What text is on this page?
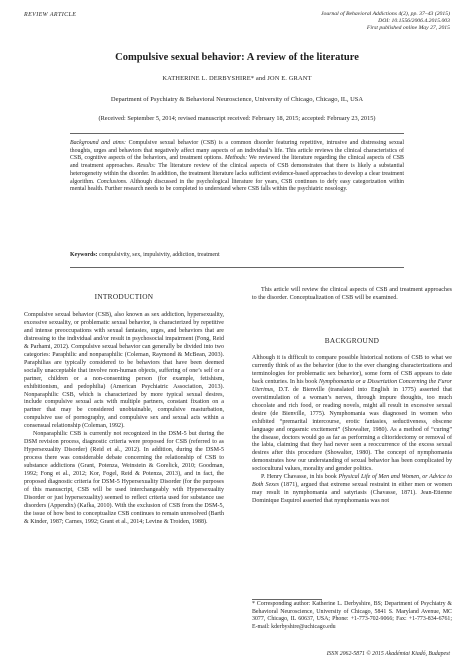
REVIEW ARTICLE	Journal of Behavioral Addictions 4(2), pp. 37–43 (2015)
DOI: 10.1556/2006.4.2015.003
First published online May 27, 2015
Compulsive sexual behavior: A review of the literature
KATHERINE L. DERBYSHIRE* and JON E. GRANT
Department of Psychiatry & Behavioral Neuroscience, University of Chicago, Chicago, IL, USA
(Received: September 5, 2014; revised manuscript received: February 18, 2015; accepted: February 23, 2015)
Background and aims: Compulsive sexual behavior (CSB) is a common disorder featuring repetitive, intrusive and distressing sexual thoughts, urges and behaviors that negatively affect many aspects of an individual’s life. This article reviews the clinical characteristics of CSB, cognitive aspects of the behaviors, and treatment options. Methods: We reviewed the literature regarding the clinical aspects of CSB and treatment approaches. Results: The literature review of the clinical aspects of CSB demonstrates that there is likely a substantial heterogeneity within the disorder. In addition, the treatment literature lacks sufficient evidence-based approaches to develop a clear treatment algorithm. Conclusions. Although discussed in the psychological literature for years, CSB continues to defy easy categorization within mental health. Further research needs to be completed to understand where CSB falls within the psychiatric nosology.
Keywords: compulsivity, sex, impulsivity, addiction, treatment
INTRODUCTION

Compulsive sexual behavior (CSB), also known as sex addiction, hypersexuality, excessive sexuality, or problematic sexual behavior, is characterized by repetitive and intense preoccupations with sexual fantasies, urges, and behaviors that are distressing to the individual and/or result in psychosocial impairment (Fong, Reid & Parhami, 2012). Compulsive sexual behavior can generally be divided into two categories: Paraphilic and nonparaphilic (Coleman, Raymond & McBean, 2003). Paraphilias are typically considered to be behaviors that have been deemed socially unacceptable that involve non-human objects, suffering of one’s self or a partner, children or a non-consenting person (for example, fetishism, exhibitionism, and pedophilia) (American Psychiatric Association, 2013). Nonparaphilic CSB, which is characterized by more typical sexual desires, include compulsive sexual acts with multiple partners, constant fixation on a partner that may be considered unobtainable, compulsive masturbation, compulsive use of pornography, and compulsive sex and sexual acts within a consensual relationship (Coleman, 1992).

Nonparaphilic CSB is currently not recognized in the DSM-5 but during the DSM revision process, diagnostic criteria were proposed for CSB (referred to as Hypersexuality Disorder) (Reid et al., 2012). In addition, during the DSM-5 process there was considerable debate concerning the relationship of CSB to substance addictions (Grant, Potenza, Weinstein & Gorelick, 2010; Goodman, 1992; Fong et al., 2012; Kor, Fogel, Reid & Potenza, 2013), and in fact, the proposed diagnostic criteria for DSM-5 Hypersexuality Disorder (for the purposes of this manuscript, CSB will be used interchangeably with Hypersexuality Disorder or just hypersexuality) seemed to reflect criteria used for substance use disorders (Appendix) (Kafka, 2010). With the exclusion of CSB from the DSM-5, the issue of how best to conceptualize CSB continues to remain unresolved (Barth & Kinder, 1987; Carnes, 1992; Grant et al., 2014; Levine & Troiden, 1988).

This article will review the clinical aspects of CSB and treatment approaches to the disorder. Conceptualization of CSB will be examined.

BACKGROUND

Although it is difficult to compare possible historical notions of CSB to what we currently think of as the behavior (due to the ever changing characterizations and terminologies for problematic sex behavior), some form of CSB appears to date back centuries. In his book Nymphomania or a Dissertation Concerning the Furor Uterinus, D.T. de Bienville (translated into English in 1775) asserted that overstimulation of a woman’s nerves, through impure thoughts, too much chocolate and rich food, or reading novels, might all result in excessive sexual desire (de Bienville, 1775). Nymphomania was diagnosed in women who exhibited “premarital intercourse, erotic fantasies, seductiveness, obscene language and orgasmic excitement” (Showalter, 1980). As a method of “curing” the disease, doctors would go as far as performing a clitoridectomy or removal of the labia, claiming that they had never seen a reoccurrence of the excess sexual desires after this procedure (Showalter, 1980). The concept of nymphomania demonstrates how our understanding of sexual behavior has been complicated by sociocultural values, morality and gender politics.

P. Henry Chavasse, in his book Physical Life of Men and Women, or Advice to Both Sexes (1871), argued that extreme sexual restraint in either men or women may result in nymphomania and satyriasis (Chavasse, 1871). Jean-Etienne Dominique Esquirol asserted that nymphomania was not

* Corresponding author: Katherine L. Derbyshire, BS; Department of Psychiatry & Behavioral Neuroscience, University of Chicago, 5841 S. Maryland Avenue, MC 3077, Chicago, IL 60637, USA; Phone: +1-773-702-9066; Fax: +1-773-834-6761; E-mail: kderbyshire@uchicago.edu
ISSN 2062-5871 © 2015 Akadémiai Kiadó, Budapest
